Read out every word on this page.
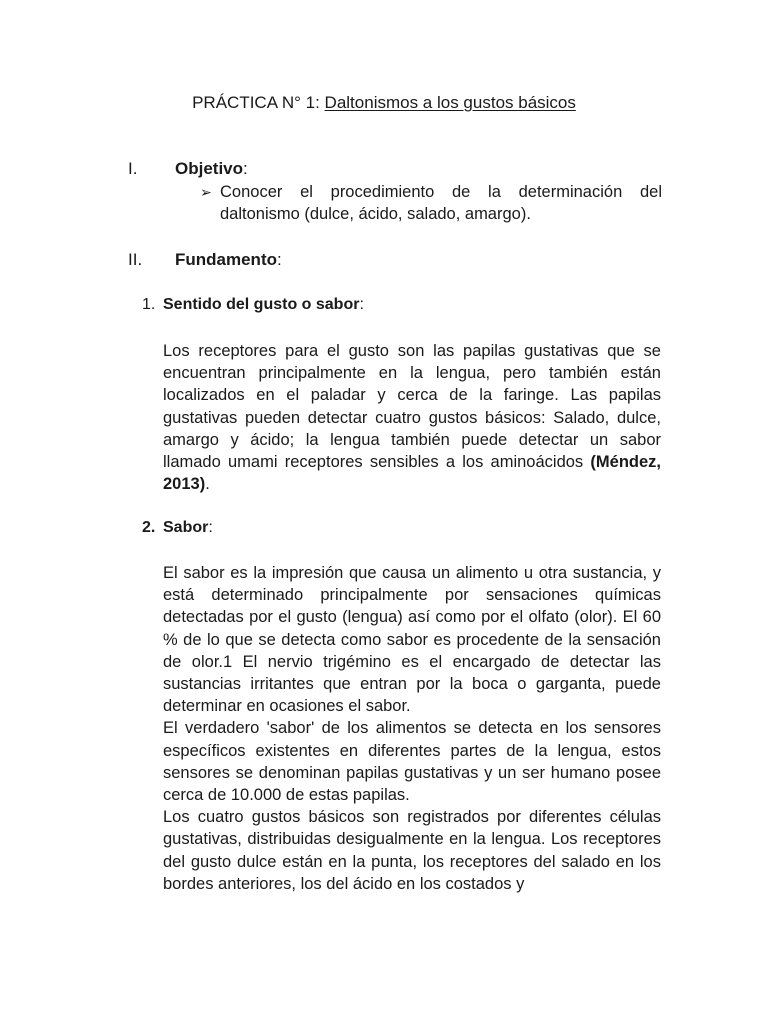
PRÁCTICA N° 1: Daltonismos a los gustos básicos
I. Objetivo:
➢ Conocer el procedimiento de la determinación del daltonismo (dulce, ácido, salado, amargo).
II. Fundamento:
1. Sentido del gusto o sabor:
Los receptores para el gusto son las papilas gustativas que se encuentran principalmente en la lengua, pero también están localizados en el paladar y cerca de la faringe. Las papilas gustativas pueden detectar cuatro gustos básicos: Salado, dulce, amargo y ácido; la lengua también puede detectar un sabor llamado umami receptores sensibles a los aminoácidos (Méndez, 2013).
2. Sabor:

El sabor es la impresión que causa un alimento u otra sustancia, y está determinado principalmente por sensaciones químicas detectadas por el gusto (lengua) así como por el olfato (olor). El 60 % de lo que se detecta como sabor es procedente de la sensación de olor.1 El nervio trigémino es el encargado de detectar las sustancias irritantes que entran por la boca o garganta, puede determinar en ocasiones el sabor.

El verdadero 'sabor' de los alimentos se detecta en los sensores específicos existentes en diferentes partes de la lengua, estos sensores se denominan papilas gustativas y un ser humano posee cerca de 10.000 de estas papilas.

Los cuatro gustos básicos son registrados por diferentes células gustativas, distribuidas desigualmente en la lengua. Los receptores del gusto dulce están en la punta, los receptores del salado en los bordes anteriores, los del ácido en los costados y
